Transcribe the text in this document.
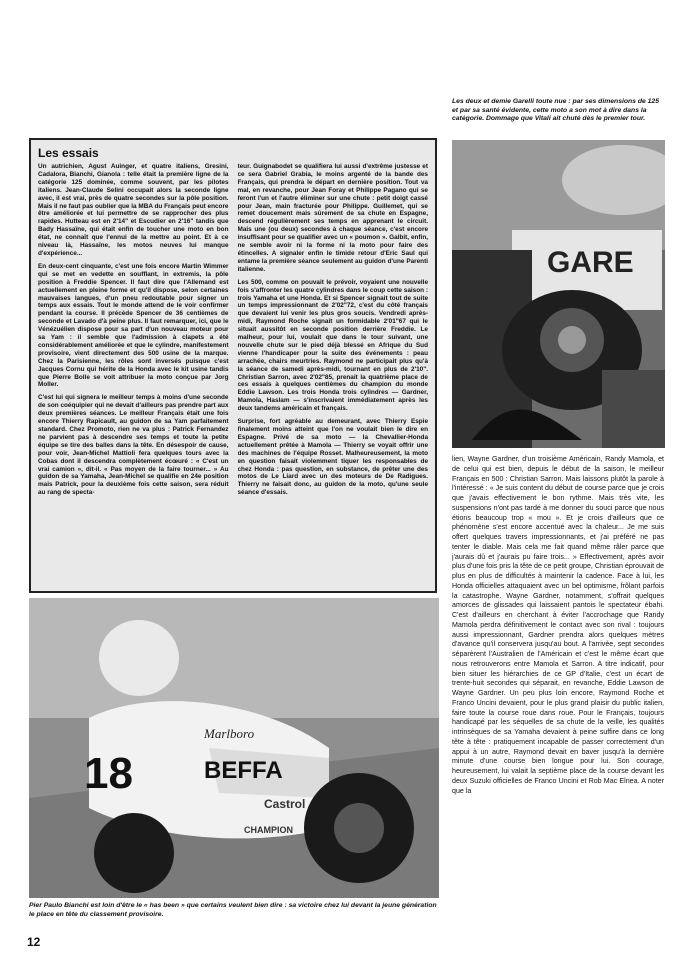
GARE
Les deux et demie Garelli toute nue : par ses dimensions de 125 et par sa santé évidente, cette moto a son mot à dire dans la catégorie. Dommage que Vitali ait chuté dès le premier tour.
Les essais

Un autrichien, Agust Auinger, et quatre italiens, Gresini, Cadalora, Bianchi, Gianola : telle était la première ligne de la catégorie 125 dominée, comme souvent, par les pilotes italiens. Jean-Claude Selini occupait alors la seconde ligne avec, il est vrai, près de quatre secondes sur la pôle position. Mais il ne faut pas oublier que la MBA du Français peut encore être améliorée et lui permettre de se rapprocher des plus rapides. Hutteau est en 2'14" et Escudier en 2'16" tandis que Bady Hassaïne, qui était enfin de toucher une moto en bon état, ne connaît que l'ennui de la mettre au point. Et à ce niveau là, Hassaïne, les motos neuves lui manque d'expérience...

En deux-cent cinquante, c'est une fois encore Martin Wimmer qui se met en vedette en soufflant, in extremis, la pôle position à Freddie Spencer. Il faut dire que l'Allemand est actuellement en pleine forme et qu'il dispose, selon certaines mauvaises langues, d'un pneu redoutable pour signer un temps aux essais. Tout le monde attend de le voir confirmer pendant la course. Il précède Spencer de 36 centièmes de seconde et Lavado d'à peine plus. Il faut remarquer, ici, que le Vénézuélien dispose pour sa part d'un nouveau moteur pour sa Yam : il semble que l'admission à clapets a été considérablement améliorée et que le cylindre, manifestement provisoire, vient directement des 500 usine de la marque. Chez la Parisienne, les rôles sont inversés puisque c'est Jacques Cornu qui hérite de la Honda avec le kit usine tandis que Pierre Bolle se voit attribuer la moto conçue par Jorg Moller.

C'est lui qui signera le meilleur temps à moins d'une seconde de son coéquipier qui ne devait d'ailleurs pas prendre part aux deux premières séances. Le meilleur Français était une fois encore Thierry Rapicault, au guidon de sa Yam parfaitement standard. Chez Promoto, rien ne va plus : Patrick Fernandez ne parvient pas à descendre ses temps et toute la petite équipe se tire des balles dans la tête. En désespoir de cause, pour voir, Jean-Michel Mattioli fera quelques tours avec la Cobas dont il descendra complètement écœuré : « C'est un vrai camion », dit-il. « Pas moyen de la faire tourner... » Au guidon de sa Yamaha, Jean-Michel se qualifie en 24e position mais Patrick, pour la deuxième fois cette saison, sera réduit au rang de specta-

teur. Guignabodet se qualifiera lui aussi d'extrême justesse et ce sera Gabriel Grabia, le moins argenté de la bande des Français, qui prendra le départ en dernière position. Tout va mal, en revanche, pour Jean Foray et Philippe Pagano qui se feront l'un et l'autre éliminer sur une chute : petit doigt cassé pour Jean, main fracturée pour Philippe. Guillemet, qui se remet doucement mais sûrement de sa chute en Espagne, descend régulièrement ses temps en apprenant le circuit. Mais une (ou deux) secondes à chaque séance, c'est encore insuffisant pour se qualifier avec un « poumon ». Galbit, enfin, ne semble avoir ni la forme ni la moto pour faire des étincelles. A signaler enfin le timide retour d'Eric Saul qui entame la première séance seulement au guidon d'une Parenti italienne.

Les 500, comme on pouvait le prévoir, voyaient une nouvelle fois s'affronter les quatre cylindres dans le coup cette saison : trois Yamaha et une Honda. Et si Spencer signait tout de suite un temps impressionnant de 2'02"72, c'est du côté français que devaient lui venir les plus gros soucis. Vendredi après-midi, Raymond Roche signait un formidable 2'01"67 qui le situait aussitôt en seconde position derrière Freddie. Le malheur, pour lui, voulait que dans le tour suivant, une nouvelle chute sur le pied déjà blessé en Afrique du Sud vienne l'handicaper pour la suite des événements : peau arrachée, chairs meurtries. Raymond ne participait plus qu'à la séance de samedi après-midi, tournant en plus de 2'10". Christian Sarron, avec 2'02"85, prenait la quatrième place de ces essais à quelques centièmes du champion du monde Eddie Lawson. Les trois Honda trois cylindres — Gardner, Mamola, Haslam — s'inscrivaient immédiatement après les deux tandems américain et français.

Surprise, fort agréable au demeurant, avec Thierry Espie finalement moins atteint que l'on ne voulait bien le dire en Espagne. Privé de sa moto — la Chevallier-Honda actuellement prêtée à Mamola — Thierry se voyait offrir une des machines de l'équipe Rosset. Malheureusement, la moto en question faisait violemment tiquer les responsables de chez Honda : pas question, en substance, de prêter une des motos de Le Liard avec un des moteurs de De Radigues. Thierry ne faisait donc, au guidon de la moto, qu'une seule séance d'essais.

18
Marlboro
BEFFA
Castrol
CHAMPION
Pier Paulo Bianchi est loin d'être le « has been » que certains veulent bien dire : sa victoire chez lui devant la jeune génération le place en tête du classement provisoire.
lien, Wayne Gardner, d'un troisième Américain, Randy Mamola, et de celui qui est bien, depuis le début de la saison, le meilleur Français en 500 : Christian Sarron. Mais laissons plutôt la parole à l'intéressé : « Je suis content du début de course parce que je crois que j'avais effectivement le bon rythme. Mais très vite, les suspensions n'ont pas tardé à me donner du souci parce que nous étions beaucoup trop « mou ». Et je crois d'ailleurs que ce phénomène s'est encore accentué avec la chaleur... Je me suis offert quelques travers impressionnants, et j'ai préféré ne pas tenter le diable. Mais cela me fait quand même râler parce que j'aurais dû et j'aurais pu faire trois... » Effectivement, après avoir plus d'une fois pris la tête de ce petit groupe, Christian éprouvait de plus en plus de difficultés à maintenir la cadence. Face à lui, les Honda officielles attaquaient avec un bel optimisme, frôlant parfois la catastrophe. Wayne Gardner, notamment, s'offrait quelques amorces de glissades qui laissaient pantois le spectateur ébahi. C'est d'ailleurs en cherchant à éviter l'accrochage que Randy Mamola perdra définitivement le contact avec son rival : toujours aussi impressionnant, Gardner prendra alors quelques mètres d'avance qu'il conservera jusqu'au bout. A l'arrivée, sept secondes séparèrent l'Australien de l'Américain et c'est le même écart que nous retrouverons entre Mamola et Sarron. A titre indicatif, pour bien situer les hiérarchies de ce GP d'Italie, c'est un écart de trente-huit secondes qui séparait, en revanche, Eddie Lawson de Wayne Gardner. Un peu plus loin encore, Raymond Roche et Franco Uncini devaient, pour le plus grand plaisir du public italien, faire toute la course roue dans roue. Pour le Français, toujours handicapé par les séquelles de sa chute de la veille, les qualités intrinsèques de sa Yamaha devaient à peine suffire dans ce long tête à tête : pratiquement incapable de passer correctement d'un appui à un autre, Raymond devait en baver jusqu'à la dernière minute d'une course bien longue pour lui. Son courage, heureusement, lui valait la septième place de la course devant les deux Suzuki officielles de Franco Uncini et Rob Mac Elnea. A noter que la
12
